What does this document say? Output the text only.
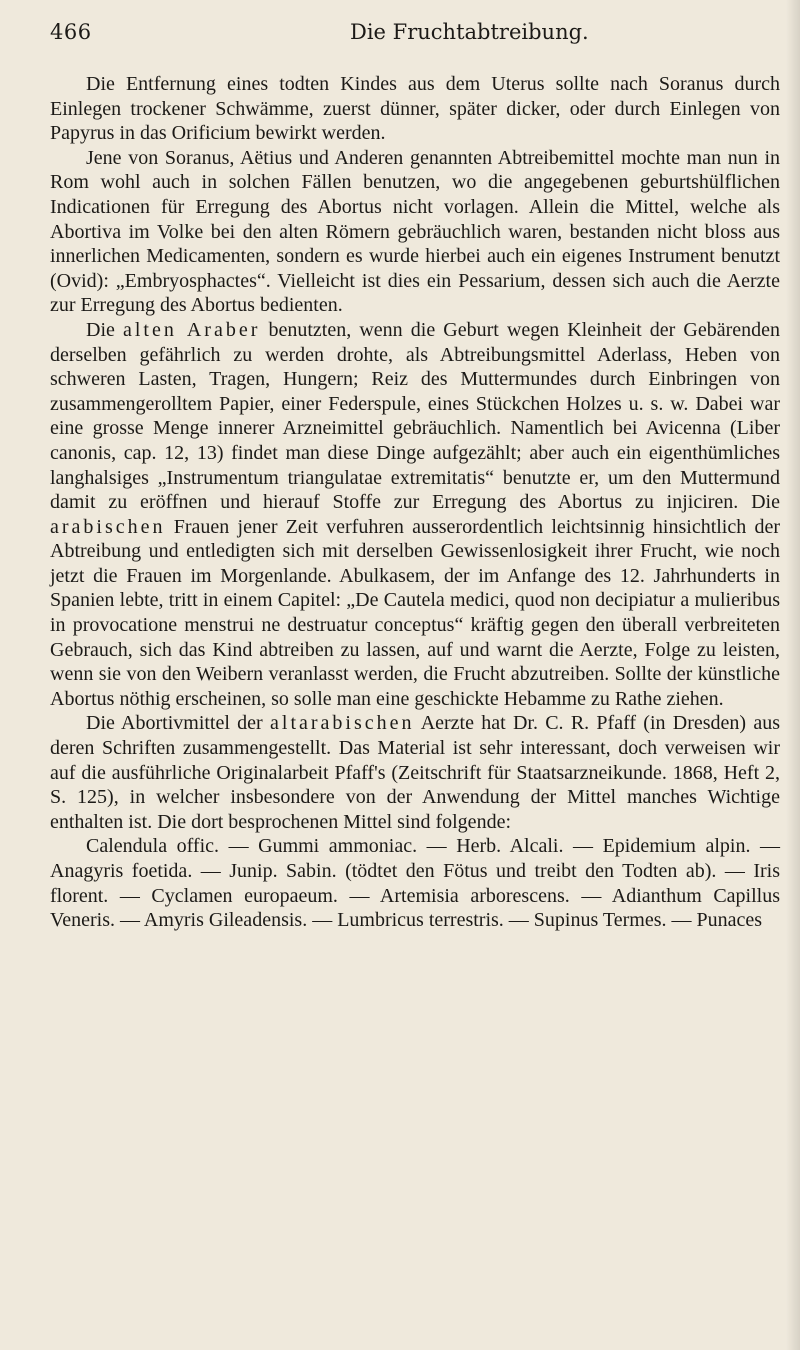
466	Die Fruchtabtreibung.

Die Entfernung eines todten Kindes aus dem Uterus sollte nach Soranus durch Einlegen trockener Schwämme, zuerst dünner, später dicker, oder durch Einlegen von Papyrus in das Orificium bewirkt werden.

Jene von Soranus, Aëtius und Anderen genannten Abtreibemittel mochte man nun in Rom wohl auch in solchen Fällen benutzen, wo die angegebenen geburtshülflichen Indicationen für Erregung des Abortus nicht vorlagen. Allein die Mittel, welche als Abortiva im Volke bei den alten Römern gebräuchlich waren, bestanden nicht bloss aus innerlichen Medicamenten, sondern es wurde hierbei auch ein eigenes Instrument benutzt (Ovid): „Embryosphactes“. Vielleicht ist dies ein Pessarium, dessen sich auch die Aerzte zur Erregung des Abortus bedienten.

Die alten Araber benutzten, wenn die Geburt wegen Kleinheit der Gebärenden derselben gefährlich zu werden drohte, als Abtreibungsmittel Aderlass, Heben von schweren Lasten, Tragen, Hungern; Reiz des Muttermundes durch Einbringen von zusammengerolltem Papier, einer Federspule, eines Stückchen Holzes u. s. w. Dabei war eine grosse Menge innerer Arzneimittel gebräuchlich. Namentlich bei Avicenna (Liber canonis, cap. 12, 13) findet man diese Dinge aufgezählt; aber auch ein eigenthümliches langhalsiges „Instrumentum triangulatae extremitatis“ benutzte er, um den Muttermund damit zu eröffnen und hierauf Stoffe zur Erregung des Abortus zu injiciren. Die arabischen Frauen jener Zeit verfuhren ausserordentlich leichtsinnig hinsichtlich der Abtreibung und entledigten sich mit derselben Gewissenlosigkeit ihrer Frucht, wie noch jetzt die Frauen im Morgenlande. Abulkasem, der im Anfange des 12. Jahrhunderts in Spanien lebte, tritt in einem Capitel: „De Cautela medici, quod non decipiatur a mulieribus in provocatione menstrui ne destruatur conceptus“ kräftig gegen den überall verbreiteten Gebrauch, sich das Kind abtreiben zu lassen, auf und warnt die Aerzte, Folge zu leisten, wenn sie von den Weibern veranlasst werden, die Frucht abzutreiben. Sollte der künstliche Abortus nöthig erscheinen, so solle man eine geschickte Hebamme zu Rathe ziehen.

Die Abortivmittel der altarabischen Aerzte hat Dr. C. R. Pfaff (in Dresden) aus deren Schriften zusammengestellt. Das Material ist sehr interessant, doch verweisen wir auf die ausführliche Originalarbeit Pfaff's (Zeitschrift für Staatsarzneikunde. 1868, Heft 2, S. 125), in welcher insbesondere von der Anwendung der Mittel manches Wichtige enthalten ist. Die dort besprochenen Mittel sind folgende:

Calendula offic. — Gummi ammoniac. — Herb. Alcali. — Epidemium alpin. — Anagyris foetida. — Junip. Sabin. (tödtet den Fötus und treibt den Todten ab). — Iris florent. — Cyclamen europaeum. — Artemisia arborescens. — Adianthum Capillus Veneris. — Amyris Gileadensis. — Lumbricus terrestris. — Supinus Termes. — Punaces
